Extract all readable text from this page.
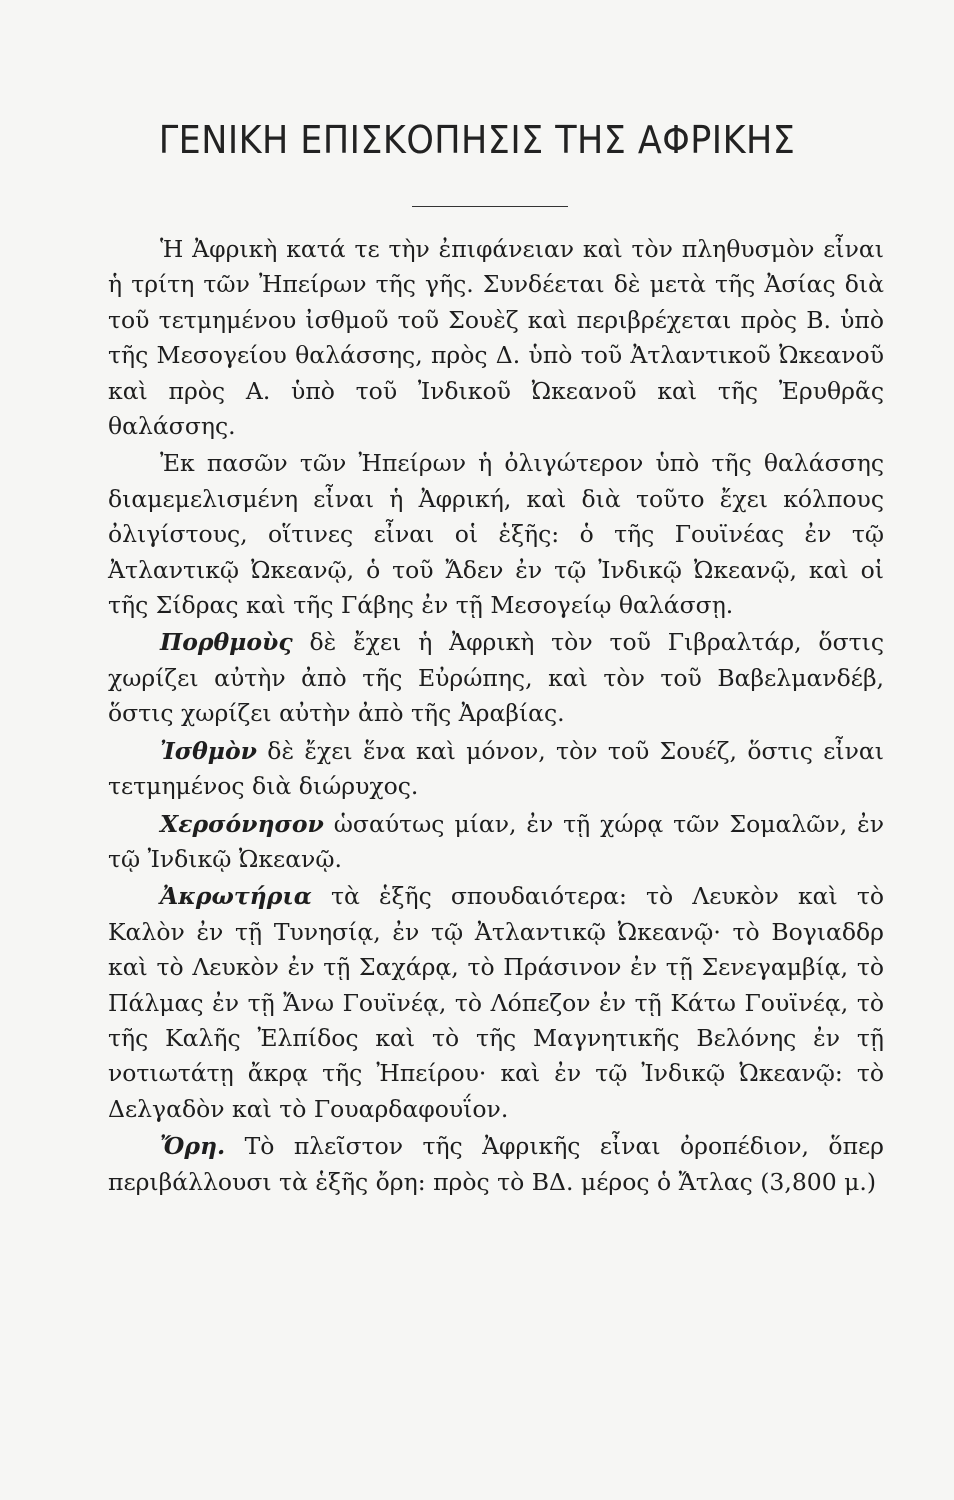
ΓΕΝΙΚΗ ΕΠΙΣΚΟΠΗΣΙΣ ΤΗΣ ΑΦΡΙΚΗΣ

Ἡ Ἀφρικὴ κατά τε τὴν ἐπιφάνειαν καὶ τὸν πληθυσμὸν εἶναι ἡ τρίτη τῶν Ἠπείρων τῆς γῆς. Συνδέεται δὲ μετὰ τῆς Ἀσίας διὰ τοῦ τετμημένου ἰσθμοῦ τοῦ Σουὲζ καὶ περιβρέχεται πρὸς Β. ὑπὸ τῆς Μεσογείου θαλάσσης, πρὸς Δ. ὑπὸ τοῦ Ἀτλαντικοῦ Ὠκεανοῦ καὶ πρὸς Α. ὑπὸ τοῦ Ἰνδικοῦ Ὠκεανοῦ καὶ τῆς Ἐρυθρᾶς θαλάσσης.

Ἐκ πασῶν τῶν Ἠπείρων ἡ ὀλιγώτερον ὑπὸ τῆς θαλάσσης διαμεμελισμένη εἶναι ἡ Ἀφρική, καὶ διὰ τοῦτο ἔχει κόλπους ὀλιγίστους, οἵτινες εἶναι οἱ ἑξῆς: ὁ τῆς Γουϊνέας ἐν τῷ Ἀτλαντικῷ Ὠκεανῷ, ὁ τοῦ Ἄδεν ἐν τῷ Ἰνδικῷ Ὠκεανῷ, καὶ οἱ τῆς Σίδρας καὶ τῆς Γάβης ἐν τῇ Μεσογείῳ θαλάσσῃ.

Πορθμοὺς δὲ ἔχει ἡ Ἀφρικὴ τὸν τοῦ Γιβραλτάρ, ὅστις χωρίζει αὐτὴν ἀπὸ τῆς Εὐρώπης, καὶ τὸν τοῦ Βαβελμανδέβ, ὅστις χωρίζει αὐτὴν ἀπὸ τῆς Ἀραβίας.

Ἰσθμὸν δὲ ἔχει ἕνα καὶ μόνον, τὸν τοῦ Σουέζ, ὅστις εἶναι τετμημένος διὰ διώρυχος.

Χερσόνησον ὡσαύτως μίαν, ἐν τῇ χώρᾳ τῶν Σομαλῶν, ἐν τῷ Ἰνδικῷ Ὠκεανῷ.

Ἀκρωτήρια τὰ ἑξῆς σπουδαιότερα: τὸ Λευκὸν καὶ τὸ Καλὸν ἐν τῇ Τυνησίᾳ, ἐν τῷ Ἀτλαντικῷ Ὠκεανῷ· τὸ Βογιαδδρ καὶ τὸ Λευκὸν ἐν τῇ Σαχάρᾳ, τὸ Πράσινον ἐν τῇ Σενεγαμβίᾳ, τὸ Πάλμας ἐν τῇ Ἄνω Γουϊνέᾳ, τὸ Λόπεζον ἐν τῇ Κάτω Γουϊνέᾳ, τὸ τῆς Καλῆς Ἐλπίδος καὶ τὸ τῆς Μαγνητικῆς Βελόνης ἐν τῇ νοτιωτάτῃ ἄκρᾳ τῆς Ἠπείρου· καὶ ἐν τῷ Ἰνδικῷ Ὠκεανῷ: τὸ Δελγαδὸν καὶ τὸ Γουαρδαφουΐον.

Ὄρη. Τὸ πλεῖστον τῆς Ἀφρικῆς εἶναι ὀροπέδιον, ὅπερ περιβάλλουσι τὰ ἑξῆς ὄρη: πρὸς τὸ ΒΔ. μέρος ὁ Ἄτλας (3,800 μ.)
